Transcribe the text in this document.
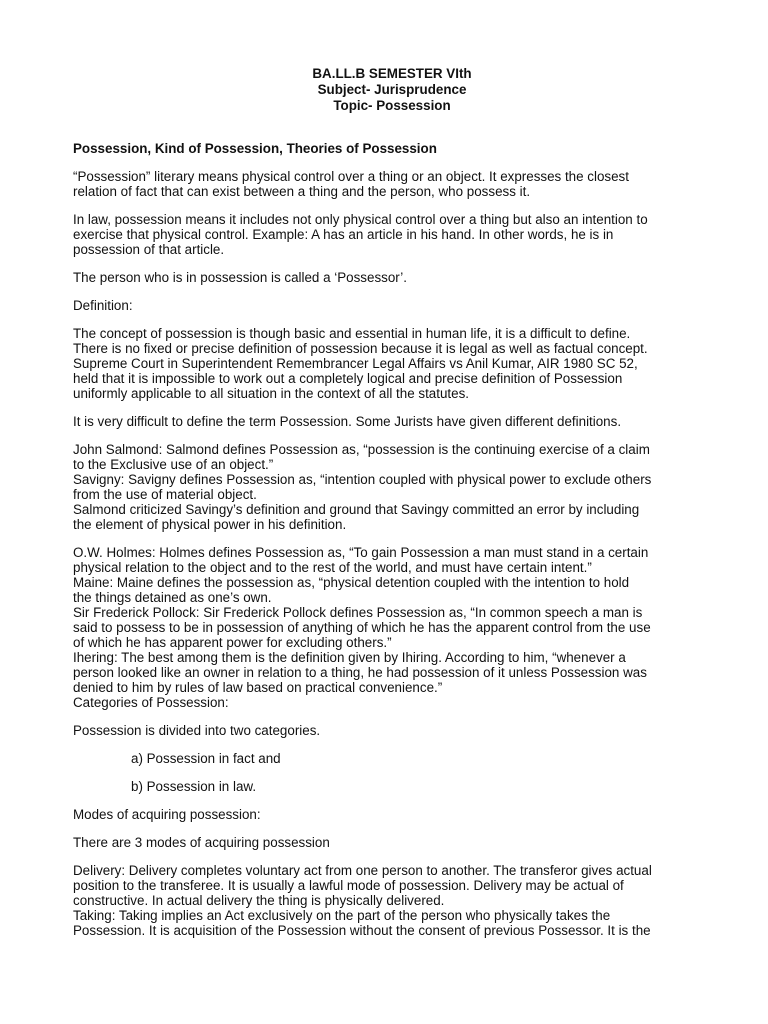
BA.LL.B SEMESTER VIth
Subject- Jurisprudence
Topic- Possession
Possession, Kind of Possession, Theories of Possession

“Possession” literary means physical control over a thing or an object. It expresses the closest
relation of fact that can exist between a thing and the person, who possess it.

In law, possession means it includes not only physical control over a thing but also an intention to
exercise that physical control. Example: A has an article in his hand. In other words, he is in
possession of that article.

The person who is in possession is called a ‘Possessor’.

Definition:

The concept of possession is though basic and essential in human life, it is a difficult to define.
There is no fixed or precise definition of possession because it is legal as well as factual concept.
Supreme Court in Superintendent Remembrancer Legal Affairs vs Anil Kumar, AIR 1980 SC 52,
held that it is impossible to work out a completely logical and precise definition of Possession
uniformly applicable to all situation in the context of all the statutes.

It is very difficult to define the term Possession. Some Jurists have given different definitions.

John Salmond: Salmond defines Possession as, “possession is the continuing exercise of a claim
to the Exclusive use of an object.”
Savigny: Savigny defines Possession as, “intention coupled with physical power to exclude others
from the use of material object.
Salmond criticized Savingy’s definition and ground that Savingy committed an error by including
the element of physical power in his definition.

O.W. Holmes: Holmes defines Possession as, “To gain Possession a man must stand in a certain
physical relation to the object and to the rest of the world, and must have certain intent.”
Maine: Maine defines the possession as, “physical detention coupled with the intention to hold
the things detained as one’s own.
Sir Frederick Pollock: Sir Frederick Pollock defines Possession as, “In common speech a man is
said to possess to be in possession of anything of which he has the apparent control from the use
of which he has apparent power for excluding others.”
Ihering: The best among them is the definition given by Ihiring. According to him, “whenever a
person looked like an owner in relation to a thing, he had possession of it unless Possession was
denied to him by rules of law based on practical convenience.”
Categories of Possession:

Possession is divided into two categories.

a) Possession in fact and

b) Possession in law.

Modes of acquiring possession:

There are 3 modes of acquiring possession

Delivery: Delivery completes voluntary act from one person to another. The transferor gives actual
position to the transferee. It is usually a lawful mode of possession. Delivery may be actual of
constructive. In actual delivery the thing is physically delivered.
Taking: Taking implies an Act exclusively on the part of the person who physically takes the
Possession. It is acquisition of the Possession without the consent of previous Possessor. It is the
